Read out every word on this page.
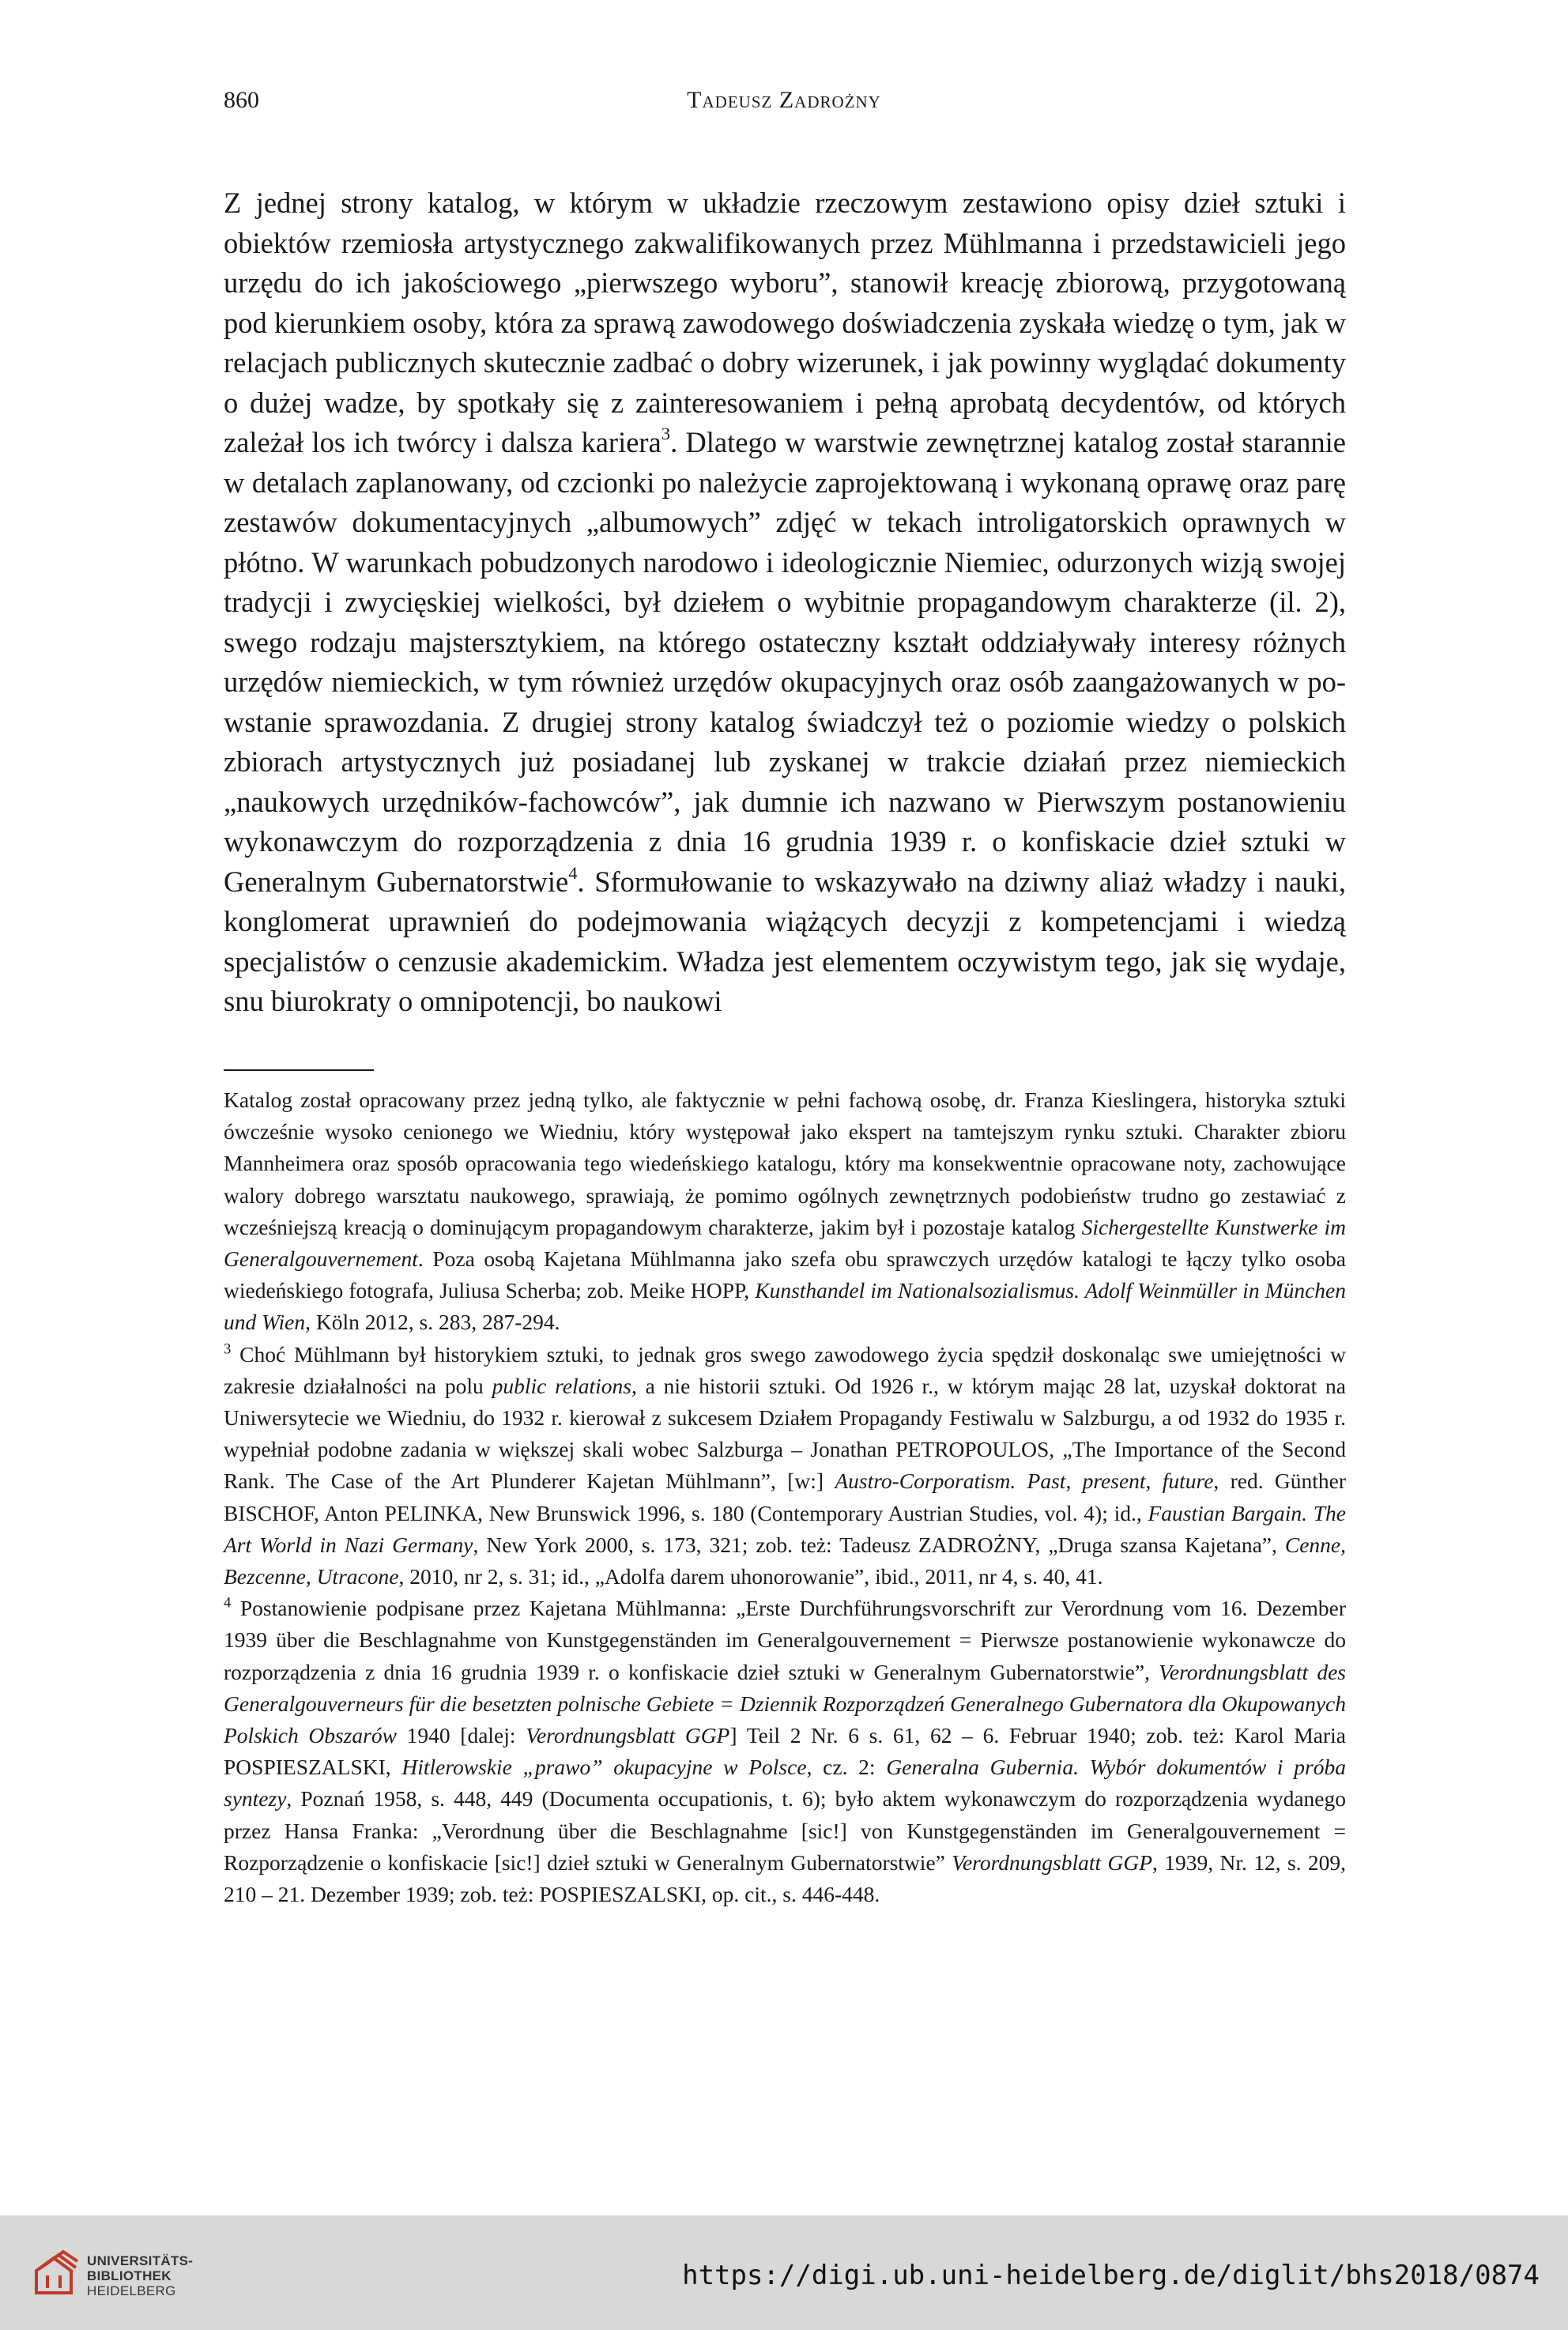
860	Tadeusz Zadrożny

Z jednej strony katalog, w którym w układzie rzeczowym zestawiono opisy dzieł sztuki i obiektów rzemiosła artystycznego zakwalifikowanych przez Mühlmanna i przedstawicieli jego urzędu do ich jakościowego „pierwszego wyboru”, stanowił kreację zbiorową, przygotowaną pod kierunkiem osoby, która za sprawą zawodowego doświadczenia zyskała wiedzę o tym, jak w relacjach publicznych skutecznie zadbać o dobry wizerunek, i jak powinny wyglądać dokumenty o dużej wadze, by spotkały się z zainteresowaniem i pełną aprobatą decydentów, od których zależał los ich twórcy i dalsza kariera$^3$. Dlatego w warstwie zewnętrznej katalog został starannie w detalach zaplanowany, od czcionki po należycie zaprojektowaną i wykonaną oprawę oraz parę zestawów dokumentacyjnych „albumowych” zdjęć w tekach introligatorskich oprawnych w płótno. W warunkach pobudzonych narodowo i ideologicznie Niemiec, odurzonych wizją swojej tradycji i zwycięskiej wielkości, był dziełem o wybitnie propagandowym charakterze (il. 2), swego rodzaju majstersztykiem, na którego ostateczny kształt oddziaływały interesy różnych urzędów niemieckich, w tym również urzędów okupacyjnych oraz osób zaangażowanych w powstanie sprawozdania. Z drugiej strony katalog świadczył też o poziomie wiedzy o polskich zbiorach artystycznych już posiadanej lub zyskanej w trakcie działań przez niemieckich „naukowych urzędników-fachowców”, jak dumnie ich nazwano w Pierwszym postanowieniu wykonawczym do rozporządzenia z dnia 16 grudnia 1939 r. o konfiskacie dzieł sztuki w Generalnym Gubernatorstwie$^4$. Sformułowanie to wskazywało na dziwny aliaż władzy i nauki, konglomerat uprawnień do podejmowania wiążących decyzji z kompetencjami i wiedzą specjalistów o cenzusie akademickim. Władza jest elementem oczywistym tego, jak się wydaje, snu biurokraty o omnipotencji, bo naukowi

Katalog został opracowany przez jedną tylko, ale faktycznie w pełni fachową osobę, dr. Franza Kieslingera, historyka sztuki ówcześnie wysoko cenionego we Wiedniu, który występował jako ekspert na tamtejszym rynku sztuki. Charakter zbioru Mannheimera oraz sposób opracowania tego wiedeńskiego katalogu, który ma konsekwentnie opracowane noty, zachowujące walory dobrego warsztatu naukowego, sprawiają, że pomimo ogólnych zewnętrznych podobieństw trudno go zestawiać z wcześniejszą kreacją o dominującym propagandowym charakterze, jakim był i pozostaje katalog Sichergestellte Kunstwerke im Generalgouvernement. Poza osobą Kajetana Mühlmanna jako szefa obu sprawczych urzędów katalogi te łączy tylko osoba wiedeńskiego fotografa, Juliusa Scherba; zob. Meike HOPP, Kunsthandel im Nationalsozialismus. Adolf Weinmüller in München und Wien, Köln 2012, s. 283, 287-294.

$^3$ Choć Mühlmann był historykiem sztuki, to jednak gros swego zawodowego życia spędził doskonaląc swe umiejętności w zakresie działalności na polu public relations, a nie historii sztuki. Od 1926 r., w którym mając 28 lat, uzyskał doktorat na Uniwersytecie we Wiedniu, do 1932 r. kierował z sukcesem Działem Propagandy Festiwalu w Salzburgu, a od 1932 do 1935 r. wypełniał podobne zadania w większej skali wobec Salzburga – Jonathan PETROPOULOS, „The Importance of the Second Rank. The Case of the Art Plunderer Kajetan Mühlmann”, [w:] Austro-Corporatism. Past, present, future, red. Günther BISCHOF, Anton PELINKA, New Brunswick 1996, s. 180 (Contemporary Austrian Studies, vol. 4); id., Faustian Bargain. The Art World in Nazi Germany, New York 2000, s. 173, 321; zob. też: Tadeusz ZADROŻNY, „Druga szansa Kajetana”, Cenne, Bezcenne, Utracone, 2010, nr 2, s. 31; id., „Adolfa darem uhonorowanie”, ibid., 2011, nr 4, s. 40, 41.

$^4$ Postanowienie podpisane przez Kajetana Mühlmanna: „Erste Durchführungsvorschrift zur Verordnung vom 16. Dezember 1939 über die Beschlagnahme von Kunstgegenständen im Generalgouvernement = Pierwsze postanowienie wykonawcze do rozporządzenia z dnia 16 grudnia 1939 r. o konfiskacie dzieł sztuki w Generalnym Gubernatorstwie”, Verordnungsblatt des Generalgouverneurs für die besetzten polnische Gebiete = Dziennik Rozporządzeń Generalnego Gubernatora dla Okupowanych Polskich Obszarów 1940 [dalej: Verordnungsblatt GGP] Teil 2 Nr. 6 s. 61, 62 – 6. Februar 1940; zob. też: Karol Maria POSPIESZALSKI, Hitlerowskie „prawo” okupacyjne w Polsce, cz. 2: Generalna Gubernia. Wybór dokumentów i próba syntezy, Poznań 1958, s. 448, 449 (Documenta occupationis, t. 6); było aktem wykonawczym do rozporządzenia wydanego przez Hansa Franka: „Verordnung über die Beschlagnahme [sic!] von Kunstgegenständen im Generalgouvernement = Rozporządzenie o konfiskacie [sic!] dzieł sztuki w Generalnym Gubernatorstwie” Verordnungsblatt GGP, 1939, Nr. 12, s. 209, 210 – 21. Dezember 1939; zob. też: POSPIESZALSKI, op. cit., s. 446-448.

UNIVERSITÄTS-
BIBLIOTHEK
HEIDELBERG	https://digi.ub.uni-heidelberg.de/diglit/bhs2018/0874
